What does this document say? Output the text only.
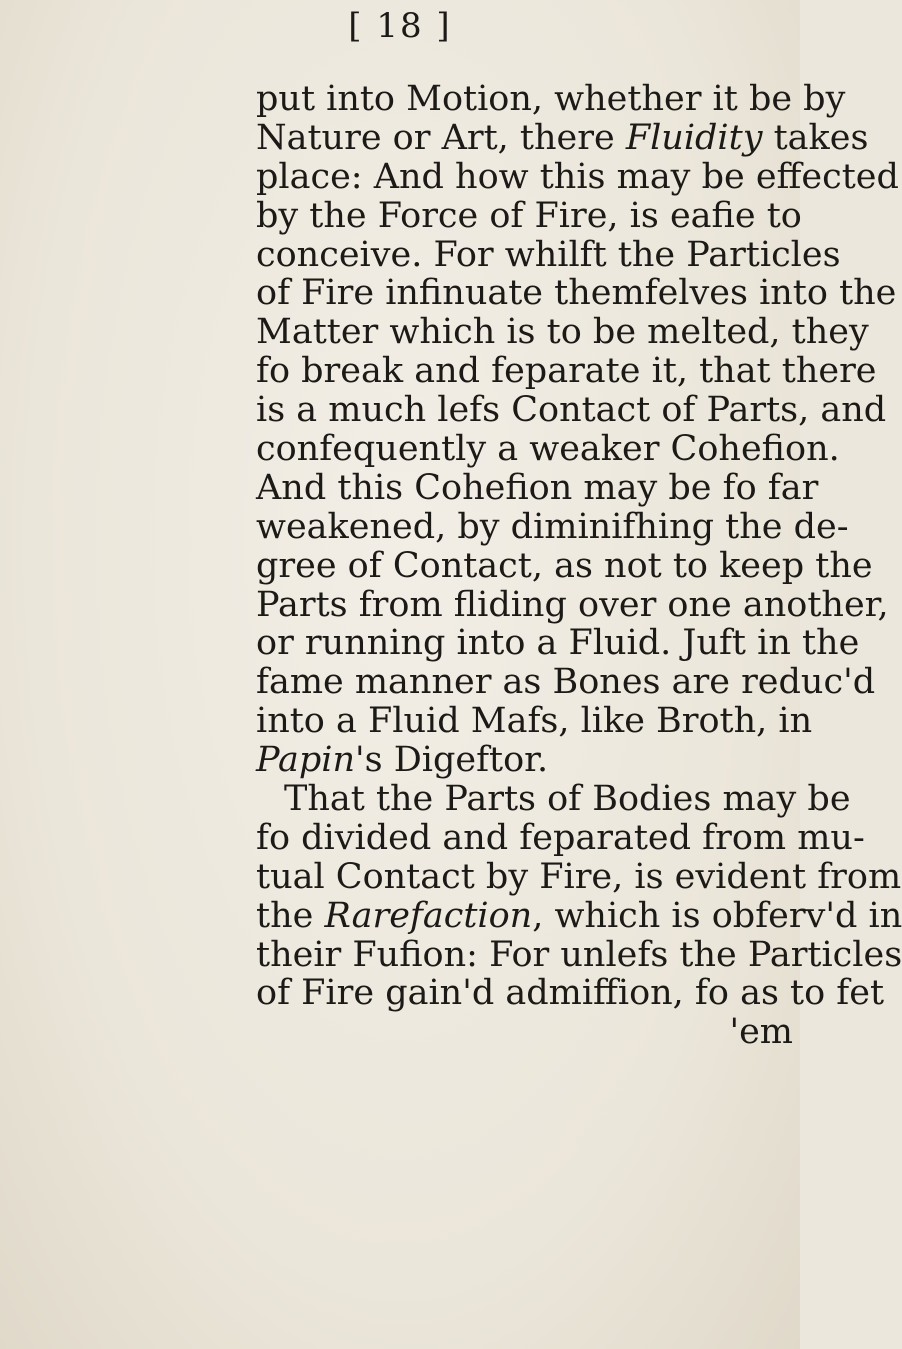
[ 18 ]
put into Motion, whether it be by
Nature or Art, there Fluidity takes
place: And how this may be effected
by the Force of Fire, is eafie to
conceive. For whilft the Particles
of Fire infinuate themfelves into the
Matter which is to be melted, they
fo break and feparate it, that there
is a much lefs Contact of Parts, and
confequently a weaker Cohefion.
And this Cohefion may be fo far
weakened, by diminifhing the de-
gree of Contact, as not to keep the
Parts from fliding over one another,
or running into a Fluid. Juft in the
fame manner as Bones are reduc'd
into a Fluid Mafs, like Broth, in
Papin's Digeftor.
That the Parts of Bodies may be
fo divided and feparated from mu-
tual Contact by Fire, is evident from
the Rarefaction, which is obferv'd in
their Fufion: For unlefs the Particles
of Fire gain'd admiffion, fo as to fet
'em
